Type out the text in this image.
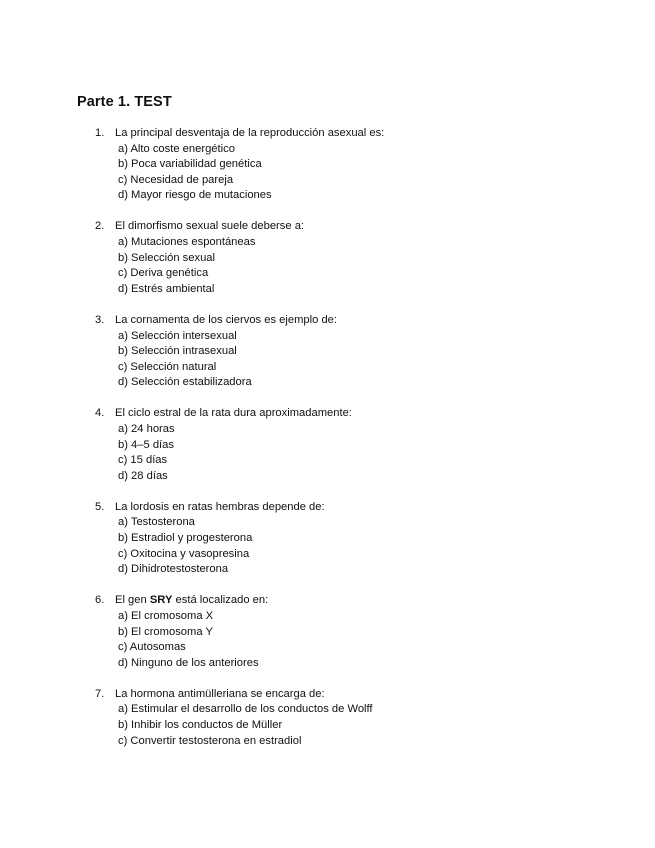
Parte 1. TEST
1. La principal desventaja de la reproducción asexual es:
a) Alto coste energético
b) Poca variabilidad genética
c) Necesidad de pareja
d) Mayor riesgo de mutaciones
2. El dimorfismo sexual suele deberse a:
a) Mutaciones espontáneas
b) Selección sexual
c) Deriva genética
d) Estrés ambiental
3. La cornamenta de los ciervos es ejemplo de:
a) Selección intersexual
b) Selección intrasexual
c) Selección natural
d) Selección estabilizadora
4. El ciclo estral de la rata dura aproximadamente:
a) 24 horas
b) 4–5 días
c) 15 días
d) 28 días
5. La lordosis en ratas hembras depende de:
a) Testosterona
b) Estradiol y progesterona
c) Oxitocina y vasopresina
d) Dihidrotestosterona
6. El gen SRY está localizado en:
a) El cromosoma X
b) El cromosoma Y
c) Autosomas
d) Ninguno de los anteriores
7. La hormona antimülleriana se encarga de:
a) Estimular el desarrollo de los conductos de Wolff
b) Inhibir los conductos de Müller
c) Convertir testosterona en estradiol
